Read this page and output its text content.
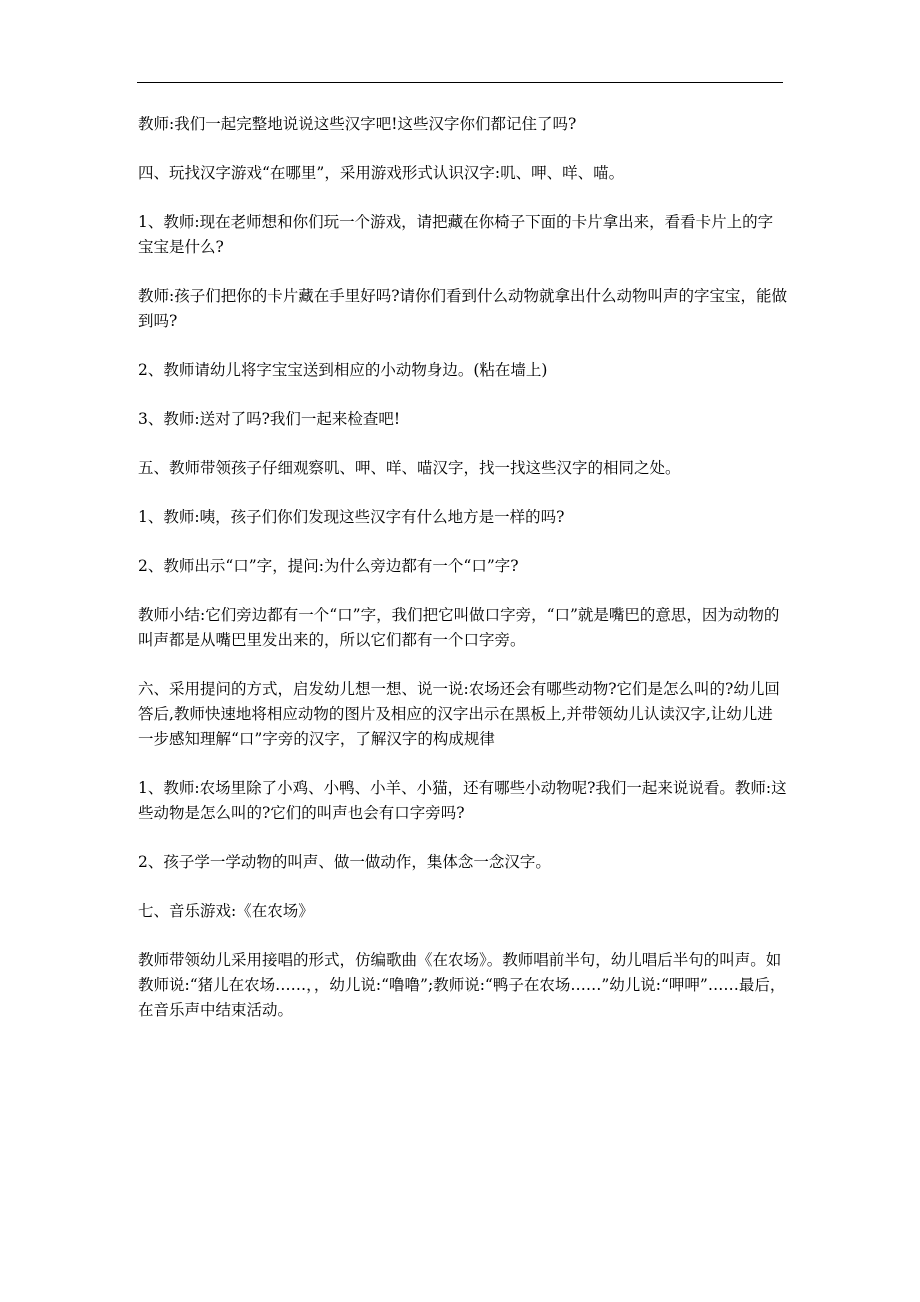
教师:我们一起完整地说说这些汉字吧!这些汉字你们都记住了吗?

四、玩找汉字游戏“在哪里”，采用游戏形式认识汉字:叽、呷、咩、喵。

1、教师:现在老师想和你们玩一个游戏，请把藏在你椅子下面的卡片拿出来，看看卡片上的字宝宝是什么?

教师:孩子们把你的卡片藏在手里好吗?请你们看到什么动物就拿出什么动物叫声的字宝宝，能做到吗?

2、教师请幼儿将字宝宝送到相应的小动物身边。(粘在墙上)

3、教师:送对了吗?我们一起来检查吧!

五、教师带领孩子仔细观察叽、呷、咩、喵汉字，找一找这些汉字的相同之处。

1、教师:咦，孩子们你们发现这些汉字有什么地方是一样的吗?

2、教师出示“口”字，提问:为什么旁边都有一个“口”字?

教师小结:它们旁边都有一个“口”字，我们把它叫做口字旁，“口”就是嘴巴的意思，因为动物的叫声都是从嘴巴里发出来的，所以它们都有一个口字旁。

六、采用提问的方式，启发幼儿想一想、说一说:农场还会有哪些动物?它们是怎么叫的?幼儿回答后,教师快速地将相应动物的图片及相应的汉字出示在黑板上,并带领幼儿认读汉字,让幼儿进一步感知理解“口”字旁的汉字，了解汉字的构成规律

1、教师:农场里除了小鸡、小鸭、小羊、小猫，还有哪些小动物呢?我们一起来说说看。教师:这些动物是怎么叫的?它们的叫声也会有口字旁吗?

2、孩子学一学动物的叫声、做一做动作，集体念一念汉字。

七、音乐游戏:《在农场》

教师带领幼儿采用接唱的形式，仿编歌曲《在农场》。教师唱前半句，幼儿唱后半句的叫声。如教师说:“猪儿在农场……，，幼儿说:“噜噜”;教师说:“鸭子在农场……”幼儿说:“呷呷”……最后，在音乐声中结束活动。
